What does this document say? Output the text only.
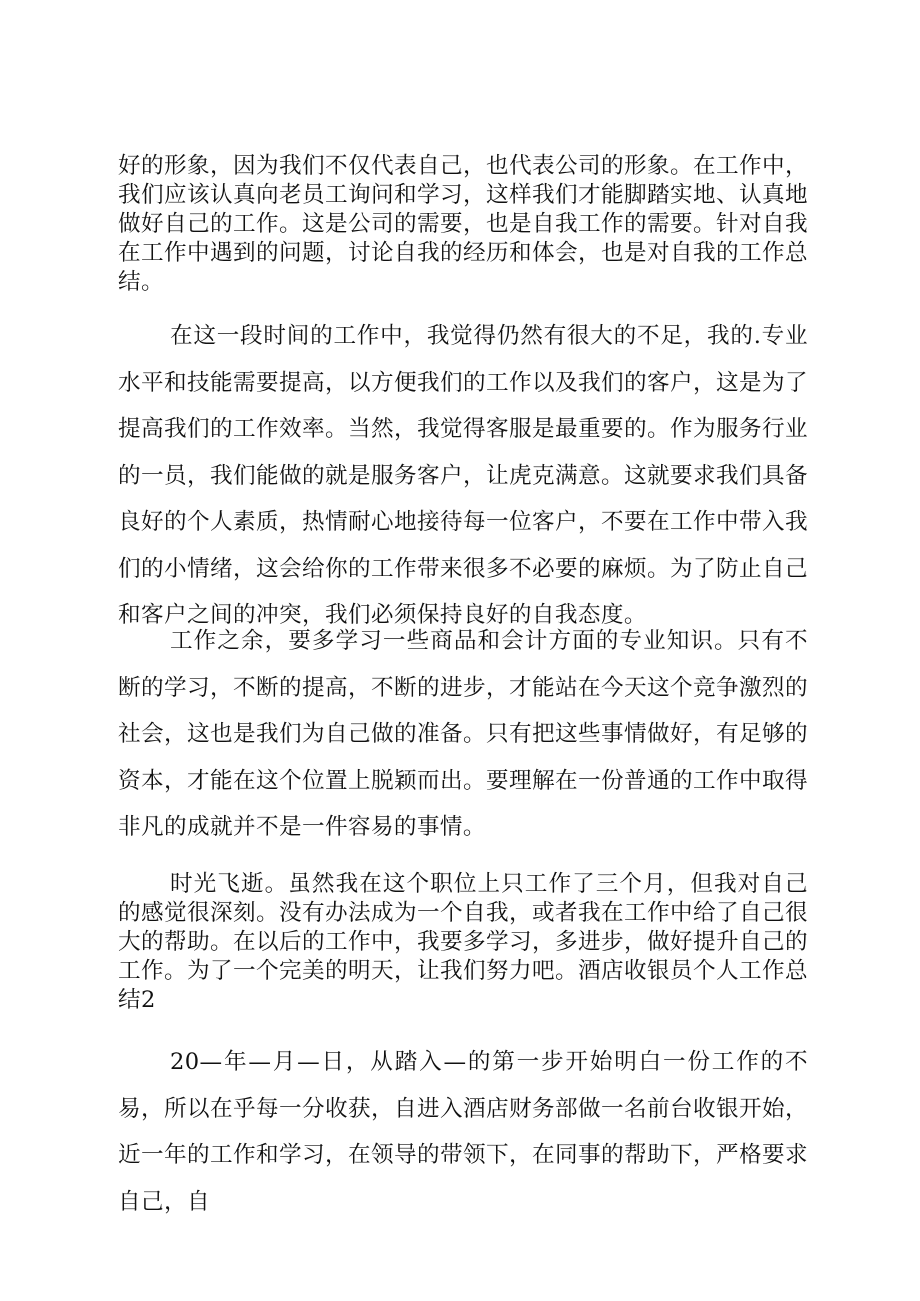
好的形象，因为我们不仅代表自己，也代表公司的形象。在工作中，我们应该认真向老员工询问和学习，这样我们才能脚踏实地、认真地做好自己的工作。这是公司的需要，也是自我工作的需要。针对自我在工作中遇到的问题，讨论自我的经历和体会，也是对自我的工作总结。

在这一段时间的工作中，我觉得仍然有很大的不足，我的.专业水平和技能需要提高，以方便我们的工作以及我们的客户，这是为了提高我们的工作效率。当然，我觉得客服是最重要的。作为服务行业的一员，我们能做的就是服务客户，让虎克满意。这就要求我们具备良好的个人素质，热情耐心地接待每一位客户，不要在工作中带入我们的小情绪，这会给你的工作带来很多不必要的麻烦。为了防止自己和客户之间的冲突，我们必须保持良好的自我态度。

工作之余，要多学习一些商品和会计方面的专业知识。只有不断的学习，不断的提高，不断的进步，才能站在今天这个竞争激烈的社会，这也是我们为自己做的准备。只有把这些事情做好，有足够的资本，才能在这个位置上脱颖而出。要理解在一份普通的工作中取得非凡的成就并不是一件容易的事情。

时光飞逝。虽然我在这个职位上只工作了三个月，但我对自己的感觉很深刻。没有办法成为一个自我，或者我在工作中给了自己很大的帮助。在以后的工作中，我要多学习，多进步，做好提升自己的工作。为了一个完美的明天，让我们努力吧。酒店收银员个人工作总结2

20—年—月—日，从踏入—的第一步开始明白一份工作的不易，所以在乎每一分收获，自进入酒店财务部做一名前台收银开始，近一年的工作和学习，在领导的带领下，在同事的帮助下，严格要求自己，自
